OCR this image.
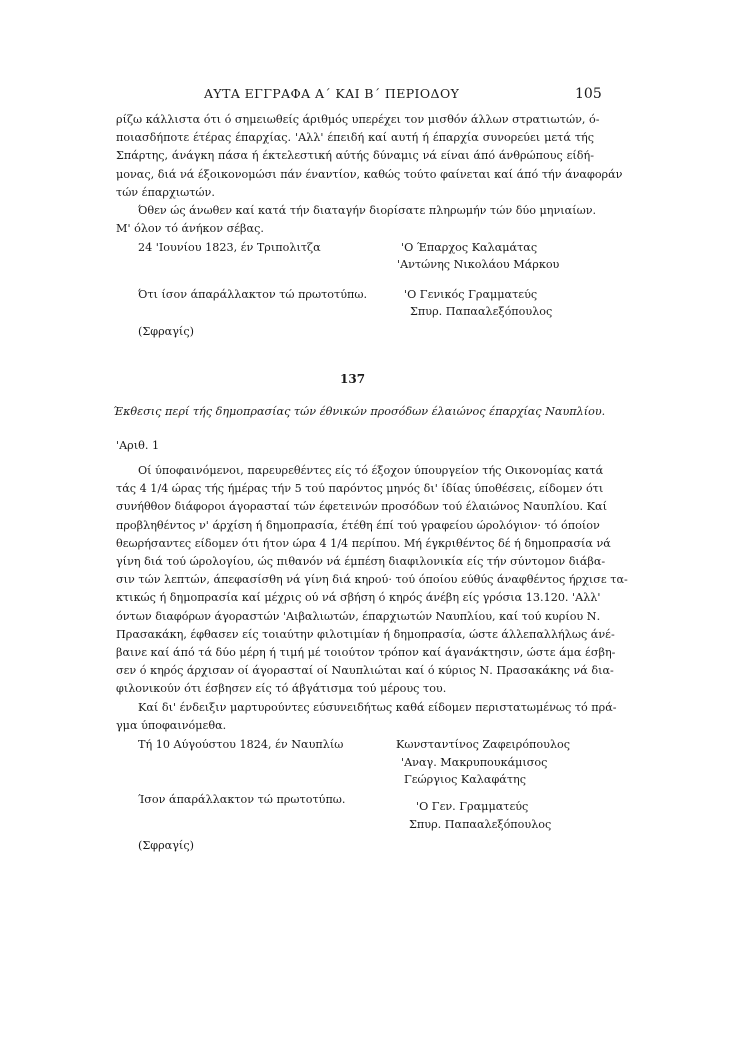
ΑΥΤΑ ΕΓΓΡΑΦΑ Α΄ ΚΑΙ Β΄ ΠΕΡΙΟΔΟΥ	105
ρίζω κάλλιστα ότι ό σημειωθείς άριθμός υπερέχει τον μισθόν άλλων στρατιωτών, ό-
ποιασδήποτε έτέρας έπαρχίας. 'Αλλ' έπειδή καί αυτή ή έπαρχία συνορεύει μετά τής
Σπάρτης, άνάγκη πάσα ή έκτελεστική αύτής δύναμις νά είναι άπό άνθρώπους είδή-
μονας, διά νά έξοικονομώσι πάν έναντίον, καθώς τούτο φαίνεται καί άπό τήν άναφοράν
τών έπαρχιωτών.
Όθεν ώς άνωθεν καί κατά τήν διαταγήν διορίσατε πληρωμήν τών δύο μηνιαίων.
Μ' όλον τό άνήκον σέβας.
24 'Ιουνίου 1823, έν Τριπολιτζα	'Ο Έπαρχος Καλαμάτας
'Αντώνης Νικολάου Μάρκου
Ότι ίσον άπαράλλακτον τώ πρωτοτύπω.	'Ο Γενικός Γραμματεύς
Σπυρ. Παπααλεξόπουλος
(Σφραγίς)
137
Έκθεσις περί τής δημοπρασίας τών έθνικών προσόδων έλαιώνος έπαρχίας Ναυπλίου.
'Αριθ. 1
Οί ύποφαινόμενοι, παρευρεθέντες είς τό έξοχον ύπουργείον τής Οικονομίας κατά
τάς 4 1/4 ώρας τής ήμέρας τήν 5 τού παρόντος μηνός δι' ίδίας ύποθέσεις, είδομεν ότι
συνήθθον διάφοροι άγορασταί τών έφετεινών προσόδων τού έλαιώνος Ναυπλίου. Καί
προβληθέντος ν' άρχίση ή δημοπρασία, έτέθη έπί τού γραφείου ώρολόγιον· τό όποίον
θεωρήσαντες είδομεν ότι ήτον ώρα 4 1/4 περίπου. Μή έγκριθέντος δέ ή δημοπρασία νά
γίνη διά τού ώρολογίου, ώς πιθανόν νά έμπέση διαφιλονικία είς τήν σύντομον διάβα-
σιν τών λεπτών, άπεφασίσθη νά γίνη διά κηρού· τού όποίου εύθύς άναφθέντος ήρχισε τα-
κτικώς ή δημοπρασία καί μέχρις ού νά σβήση ό κηρός άνέβη είς γρόσια 13.120. 'Αλλ'
όντων διαφόρων άγοραστών 'Αιβαλιωτών, έπαρχιωτών Ναυπλίου, καί τού κυρίου Ν.
Πρασακάκη, έφθασεν είς τοιαύτην φιλοτιμίαν ή δημοπρασία, ώστε άλλεπαλλήλως άνέ-
βαινε καί άπό τά δύο μέρη ή τιμή μέ τοιούτον τρόπον καί άγανάκτησιν, ώστε άμα έσβη-
σεν ό κηρός άρχισαν οί άγορασταί οί Ναυπλιώται καί ό κύριος Ν. Πρασακάκης νά δια-
φιλονικούν ότι έσβησεν είς τό άβγάτισμα τού μέρους του.
Καί δι' ένδειξιν μαρτυρούντες εύσυνειδήτως καθά είδομεν περιστατωμένως τό πρά-
γμα ύποφαινόμεθα.
Τή 10 Αύγούστου 1824, έν Ναυπλίω	Κωνσταντίνος Ζαφειρόπουλος
'Αναγ. Μακρυπουκάμισος
Γεώργιος Καλαφάτης
Ίσον άπαράλλακτον τώ πρωτοτύπω.
'Ο Γεν. Γραμματεύς
Σπυρ. Παπααλεξόπουλος
(Σφραγίς)
